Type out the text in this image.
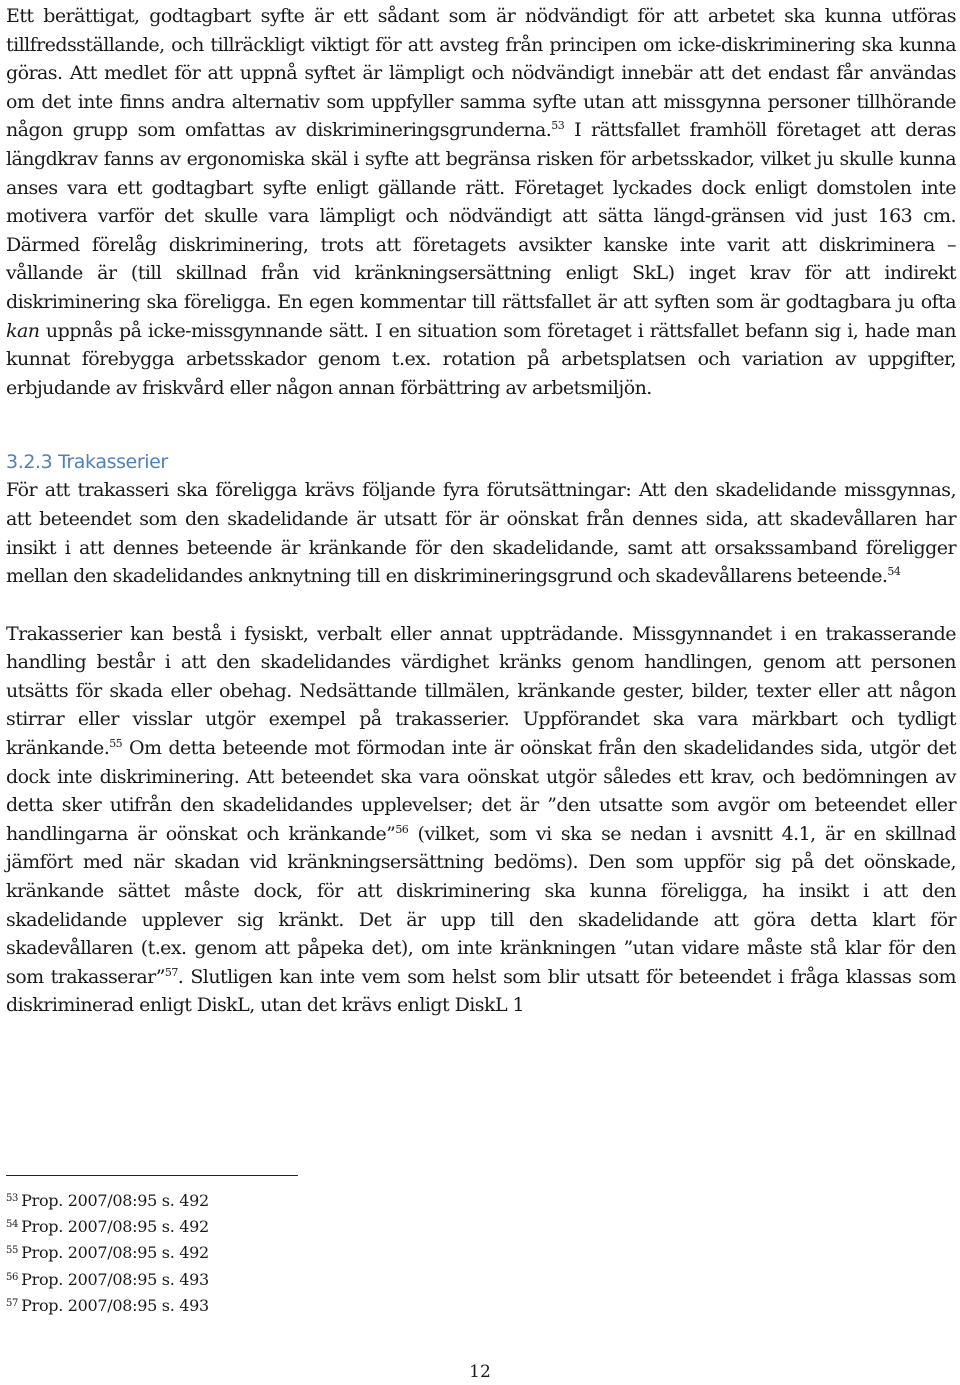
Ett berättigat, godtagbart syfte är ett sådant som är nödvändigt för att arbetet ska kunna utföras tillfredsställande, och tillräckligt viktigt för att avsteg från principen om icke-diskriminering ska kunna göras. Att medlet för att uppnå syftet är lämpligt och nödvändigt innebär att det endast får användas om det inte finns andra alternativ som uppfyller samma syfte utan att missgynna personer tillhörande någon grupp som omfattas av diskrimineringsgrunderna.$^{53}$ I rättsfallet framhöll företaget att deras längdkrav fanns av ergonomiska skäl i syfte att begränsa risken för arbetsskador, vilket ju skulle kunna anses vara ett godtagbart syfte enligt gällande rätt. Företaget lyckades dock enligt domstolen inte motivera varför det skulle vara lämpligt och nödvändigt att sätta längd-gränsen vid just 163 cm. Därmed förelåg diskriminering, trots att företagets avsikter kanske inte varit att diskriminera – vållande är (till skillnad från vid kränkningsersättning enligt SkL) inget krav för att indirekt diskriminering ska föreligga. En egen kommentar till rättsfallet är att syften som är godtagbara ju ofta kan uppnås på icke-missgynnande sätt. I en situation som företaget i rättsfallet befann sig i, hade man kunnat förebygga arbetsskador genom t.ex. rotation på arbetsplatsen och variation av uppgifter, erbjudande av friskvård eller någon annan förbättring av arbetsmiljön.

3.2.3 Trakasserier

För att trakasseri ska föreligga krävs följande fyra förutsättningar: Att den skadelidande missgynnas, att beteendet som den skadelidande är utsatt för är oönskat från dennes sida, att skadevållaren har insikt i att dennes beteende är kränkande för den skadelidande, samt att orsakssamband föreligger mellan den skadelidandes anknytning till en diskrimineringsgrund och skadevållarens beteende.$^{54}$

Trakasserier kan bestå i fysiskt, verbalt eller annat uppträdande. Missgynnandet i en trakasserande handling består i att den skadelidandes värdighet kränks genom handlingen, genom att personen utsätts för skada eller obehag. Nedsättande tillmälen, kränkande gester, bilder, texter eller att någon stirrar eller visslar utgör exempel på trakasserier. Uppförandet ska vara märkbart och tydligt kränkande.$^{55}$ Om detta beteende mot förmodan inte är oönskat från den skadelidandes sida, utgör det dock inte diskriminering. Att beteendet ska vara oönskat utgör således ett krav, och bedömningen av detta sker utifrån den skadelidandes upplevelser; det är ”den utsatte som avgör om beteendet eller handlingarna är oönskat och kränkande”$^{56}$ (vilket, som vi ska se nedan i avsnitt 4.1, är en skillnad jämfört med när skadan vid kränkningsersättning bedöms). Den som uppför sig på det oönskade, kränkande sättet måste dock, för att diskriminering ska kunna föreligga, ha insikt i att den skadelidande upplever sig kränkt. Det är upp till den skadelidande att göra detta klart för skadevållaren (t.ex. genom att påpeka det), om inte kränkningen ”utan vidare måste stå klar för den som trakasserar”$^{57}$. Slutligen kan inte vem som helst som blir utsatt för beteendet i fråga klassas som diskriminerad enligt DiskL, utan det krävs enligt DiskL 1

$^{53}$ Prop. 2007/08:95 s. 492
$^{54}$ Prop. 2007/08:95 s. 492
$^{55}$ Prop. 2007/08:95 s. 492
$^{56}$ Prop. 2007/08:95 s. 493
$^{57}$ Prop. 2007/08:95 s. 493
12
